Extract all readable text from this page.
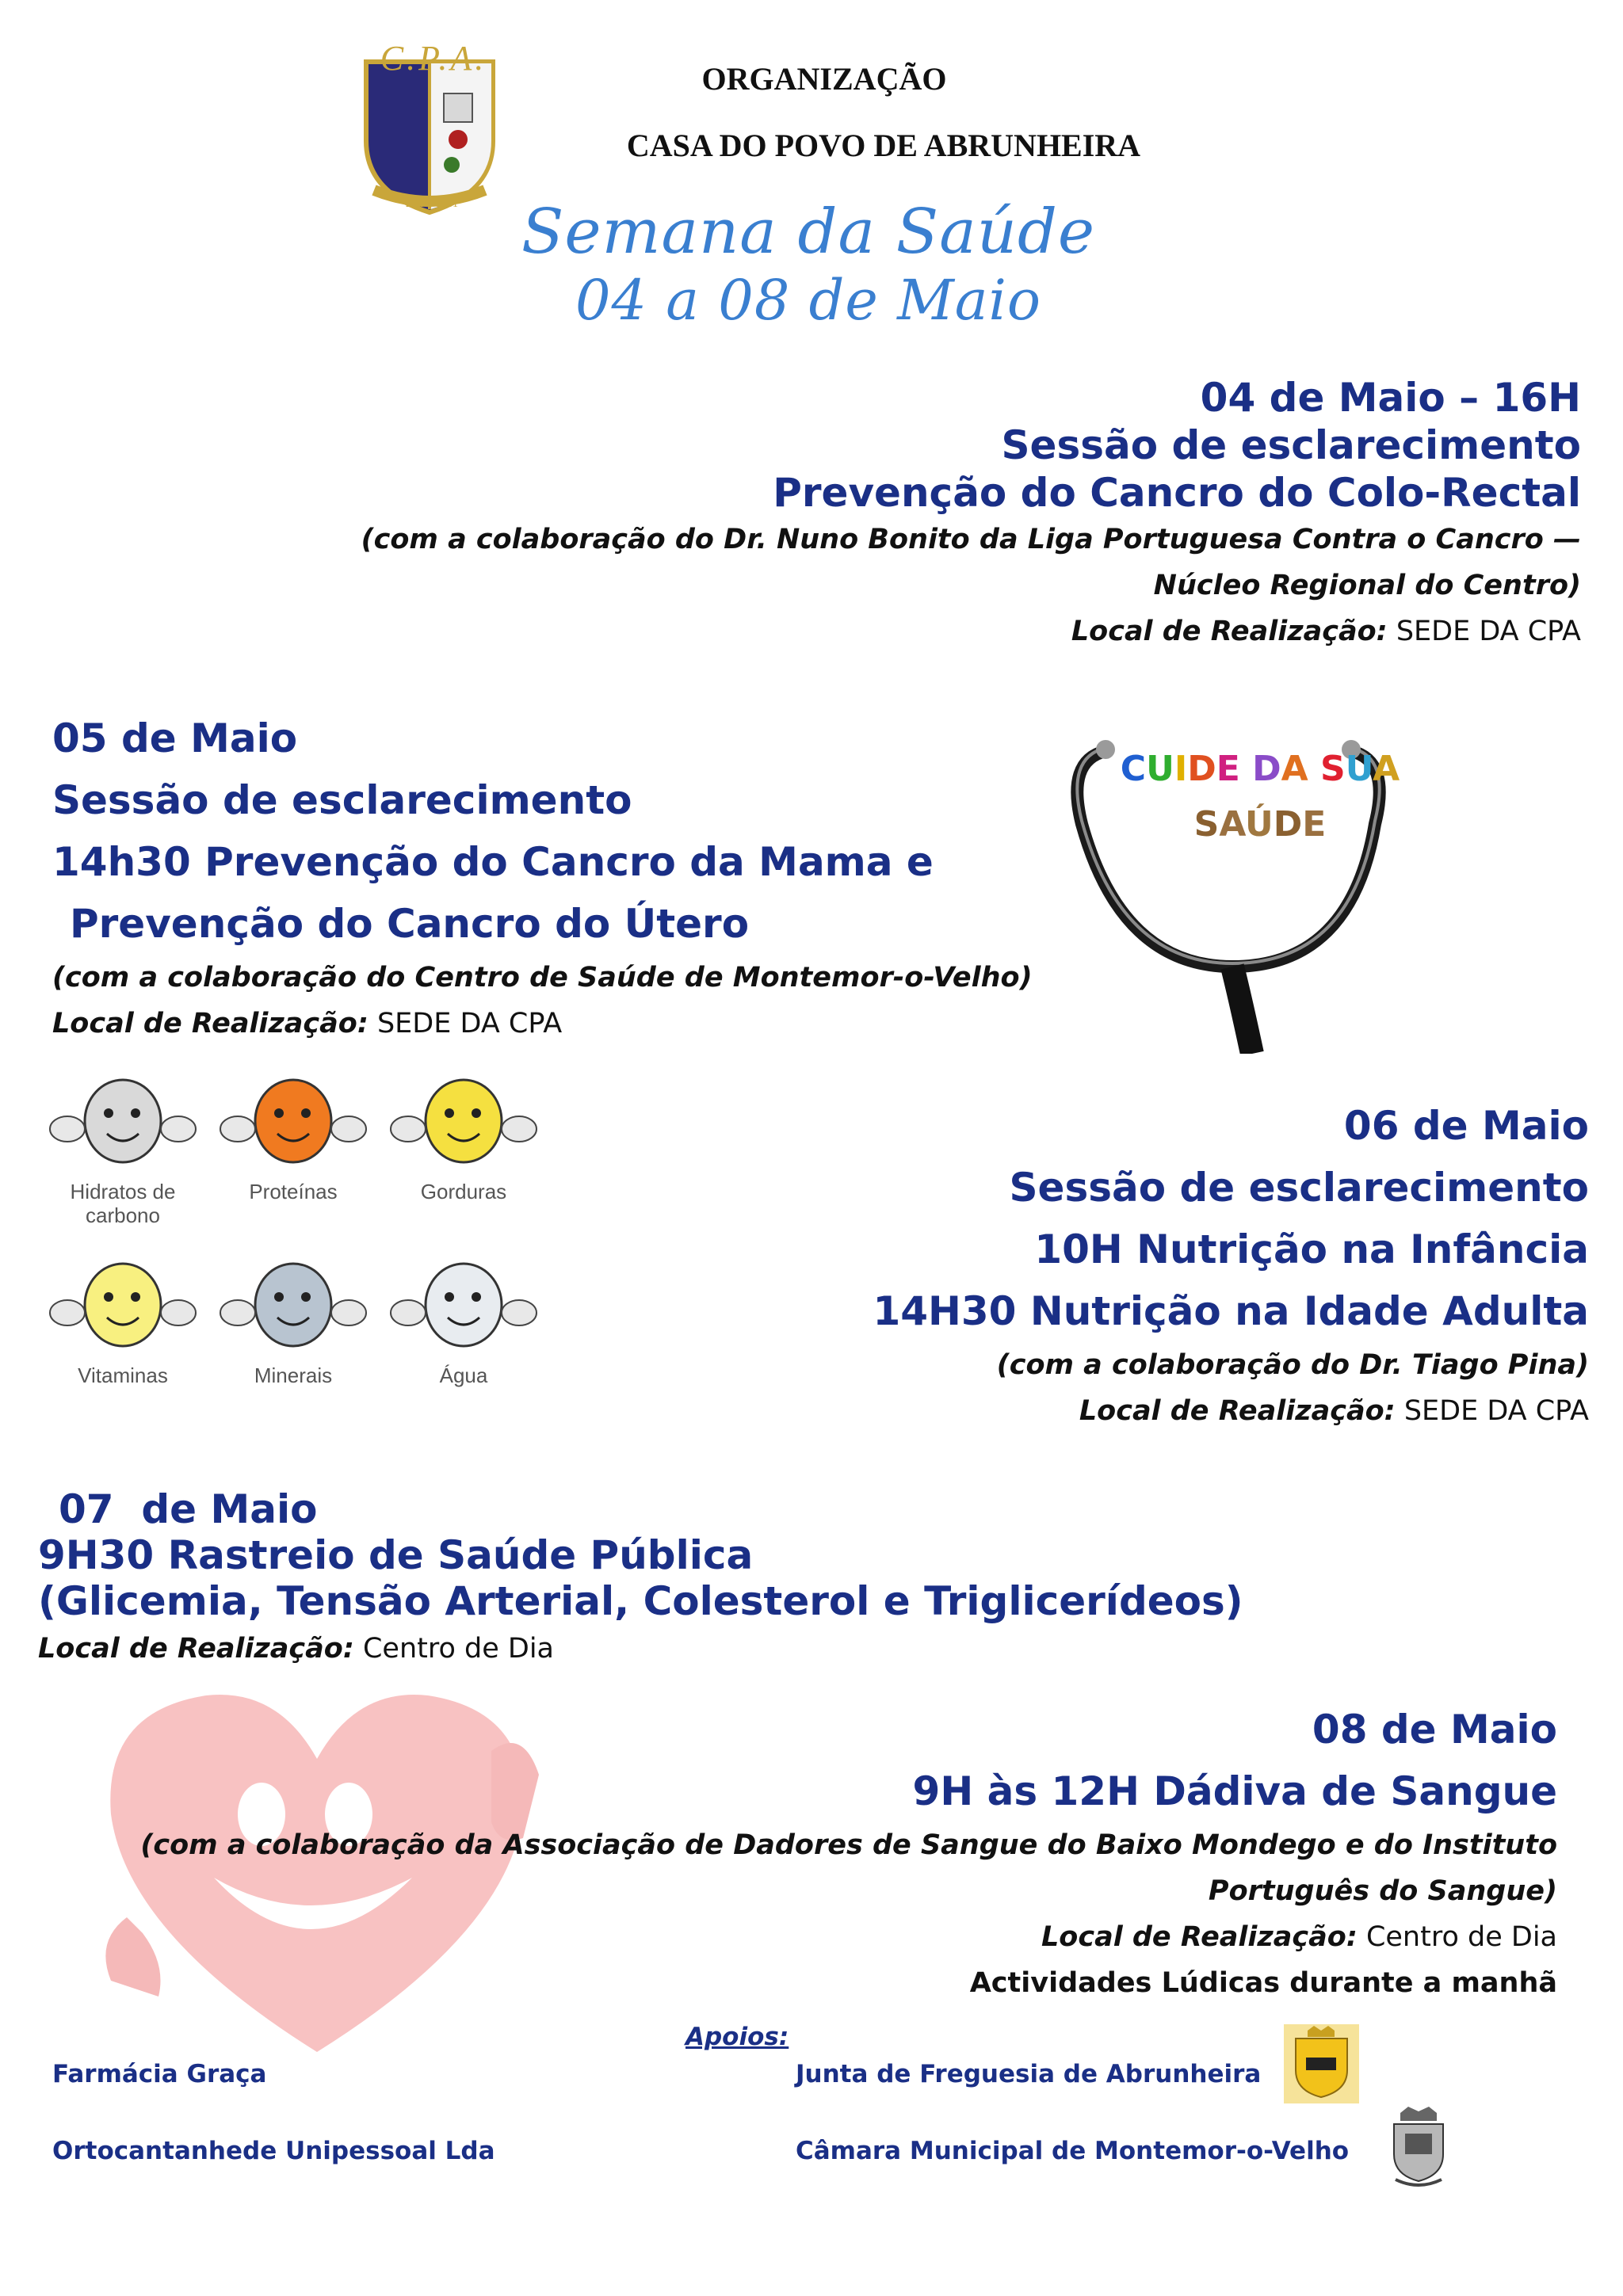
C.P.A.
21-XI-1961
ORGANIZAÇÃO
CASA DO POVO DE ABRUNHEIRA
Semana da Saúde
04 a 08 de Maio
04 de Maio – 16H
Sessão de esclarecimento
Prevenção do Cancro do Colo-Rectal
(com a colaboração do Dr. Nuno Bonito da Liga Portuguesa Contra o Cancro —
Núcleo Regional do Centro)
Local de Realização: SEDE DA CPA
05 de Maio
Sessão de esclarecimento
14h30 Prevenção do Cancro da Mama e
Prevenção do Cancro do Útero
(com a colaboração do Centro de Saúde de Montemor-o-Velho)
Local de Realização: SEDE DA CPA
CUIDE DA SUA
SAÚDE
Hidratos de
carbono
Proteínas	Gorduras
Vitaminas	Minerais	Água
06 de Maio
Sessão de esclarecimento
10H Nutrição na Infância
14H30 Nutrição na Idade Adulta
(com a colaboração do Dr. Tiago Pina)
Local de Realização: SEDE DA CPA
07  de Maio
9H30 Rastreio de Saúde Pública
(Glicemia, Tensão Arterial, Colesterol e Triglicerídeos)
Local de Realização: Centro de Dia
08 de Maio
9H às 12H Dádiva de Sangue
(com a colaboração da Associação de Dadores de Sangue do Baixo Mondego e do Instituto
Português do Sangue)
Local de Realização: Centro de Dia
Actividades Lúdicas durante a manhã
Apoios:
Farmácia Graça	Junta de Freguesia de Abrunheira
Ortocantanhede Unipessoal Lda	Câmara Municipal de Montemor-o-Velho
